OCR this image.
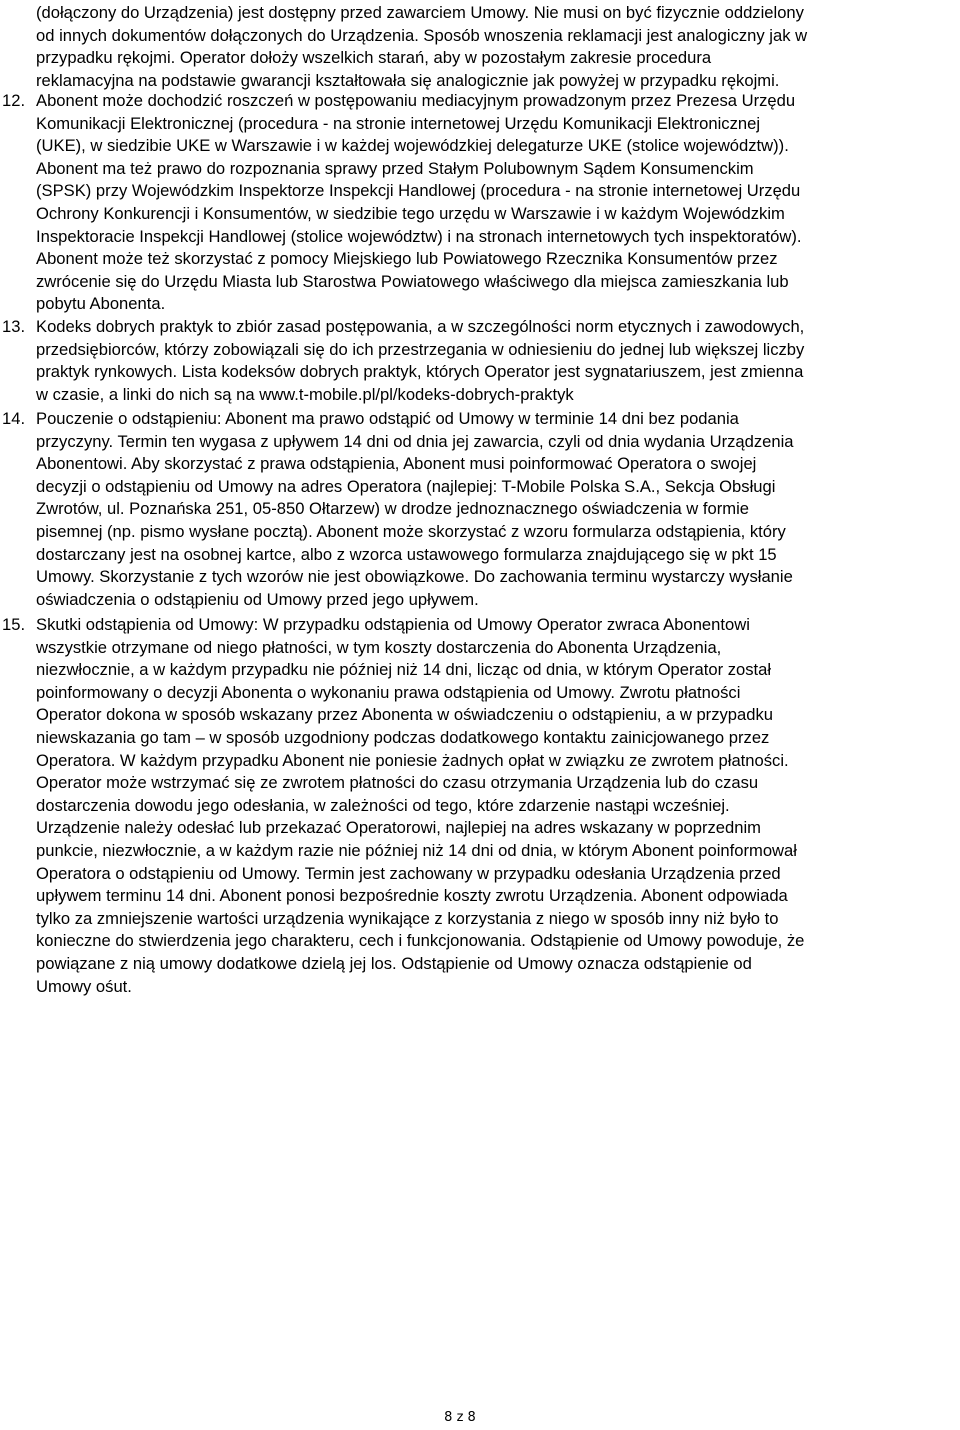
(dołączony do Urządzenia) jest dostępny przed zawarciem Umowy. Nie musi on być fizycznie oddzielony
od innych dokumentów dołączonych do Urządzenia. Sposób wnoszenia reklamacji jest analogiczny jak w
przypadku rękojmi. Operator dołoży wszelkich starań, aby w pozostałym zakresie procedura
reklamacyjna na podstawie gwarancji kształtowała się analogicznie jak powyżej w przypadku rękojmi.
12. Abonent może dochodzić roszczeń w postępowaniu mediacyjnym prowadzonym przez Prezesa Urzędu
Komunikacji Elektronicznej (procedura - na stronie internetowej Urzędu Komunikacji Elektronicznej
(UKE), w siedzibie UKE w Warszawie i w każdej wojewódzkiej delegaturze UKE (stolice województw)).
Abonent ma też prawo do rozpoznania sprawy przed Stałym Polubownym Sądem Konsumenckim
(SPSK) przy Wojewódzkim Inspektorze Inspekcji Handlowej (procedura - na stronie internetowej Urzędu
Ochrony Konkurencji i Konsumentów, w siedzibie tego urzędu w Warszawie i w każdym Wojewódzkim
Inspektoracie Inspekcji Handlowej (stolice województw) i na stronach internetowych tych inspektoratów).
Abonent może też skorzystać z pomocy Miejskiego lub Powiatowego Rzecznika Konsumentów przez
zwrócenie się do Urzędu Miasta lub Starostwa Powiatowego właściwego dla miejsca zamieszkania lub
pobytu Abonenta.
13. Kodeks dobrych praktyk to zbiór zasad postępowania, a w szczególności norm etycznych i zawodowych,
przedsiębiorców, którzy zobowiązali się do ich przestrzegania w odniesieniu do jednej lub większej liczby
praktyk rynkowych. Lista kodeksów dobrych praktyk, których Operator jest sygnatariuszem, jest zmienna
w czasie, a linki do nich są na www.t-mobile.pl/pl/kodeks-dobrych-praktyk
14. Pouczenie o odstąpieniu: Abonent ma prawo odstąpić od Umowy w terminie 14 dni bez podania
przyczyny. Termin ten wygasa z upływem 14 dni od dnia jej zawarcia, czyli od dnia wydania Urządzenia
Abonentowi. Aby skorzystać z prawa odstąpienia, Abonent musi poinformować Operatora o swojej
decyzji o odstąpieniu od Umowy na adres Operatora (najlepiej: T-Mobile Polska S.A., Sekcja Obsługi
Zwrotów, ul. Poznańska 251, 05-850 Ołtarzew) w drodze jednoznacznego oświadczenia w formie
pisemnej (np. pismo wysłane pocztą). Abonent może skorzystać z wzoru formularza odstąpienia, który
dostarczany jest na osobnej kartce, albo z wzorca ustawowego formularza znajdującego się w pkt 15
Umowy. Skorzystanie z tych wzorów nie jest obowiązkowe. Do zachowania terminu wystarczy wysłanie
oświadczenia o odstąpieniu od Umowy przed jego upływem.
15. Skutki odstąpienia od Umowy: W przypadku odstąpienia od Umowy Operator zwraca Abonentowi
wszystkie otrzymane od niego płatności, w tym koszty dostarczenia do Abonenta Urządzenia,
niezwłocznie, a w każdym przypadku nie później niż 14 dni, licząc od dnia, w którym Operator został
poinformowany o decyzji Abonenta o wykonaniu prawa odstąpienia od Umowy. Zwrotu płatności
Operator dokona w sposób wskazany przez Abonenta w oświadczeniu o odstąpieniu, a w przypadku
niewskazania go tam – w sposób uzgodniony podczas dodatkowego kontaktu zainicjowanego przez
Operatora. W każdym przypadku Abonent nie poniesie żadnych opłat w związku ze zwrotem płatności.
Operator może wstrzymać się ze zwrotem płatności do czasu otrzymania Urządzenia lub do czasu
dostarczenia dowodu jego odesłania, w zależności od tego, które zdarzenie nastąpi wcześniej.
Urządzenie należy odesłać lub przekazać Operatorowi, najlepiej na adres wskazany w poprzednim
punkcie, niezwłocznie, a w każdym razie nie później niż 14 dni od dnia, w którym Abonent poinformował
Operatora o odstąpieniu od Umowy. Termin jest zachowany w przypadku odesłania Urządzenia przed
upływem terminu 14 dni. Abonent ponosi bezpośrednie koszty zwrotu Urządzenia. Abonent odpowiada
tylko za zmniejszenie wartości urządzenia wynikające z korzystania z niego w sposób inny niż było to
konieczne do stwierdzenia jego charakteru, cech i funkcjonowania. Odstąpienie od Umowy powoduje, że
powiązane z nią umowy dodatkowe dzielą jej los. Odstąpienie od Umowy oznacza odstąpienie od
Umowy ośut.
8 z 8
